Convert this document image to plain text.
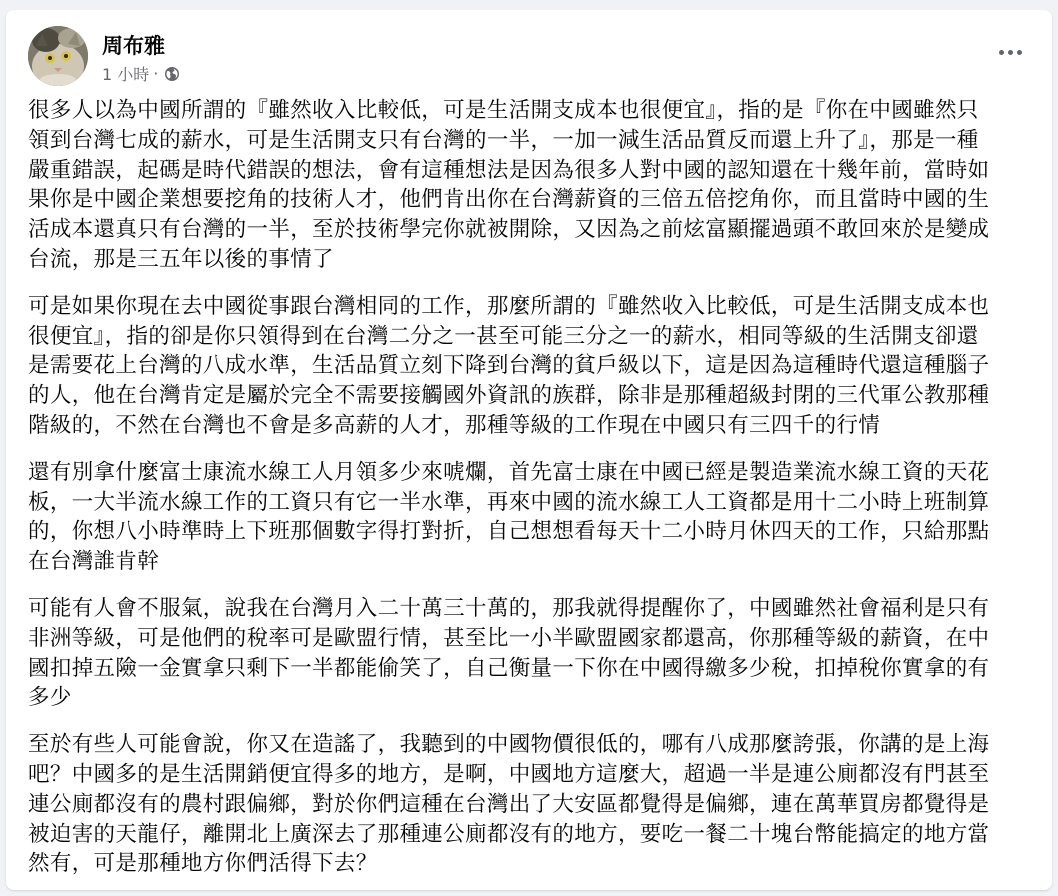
周布雅
1 小時 ·

很多人以為中國所謂的『雖然收入比較低，可是生活開支成本也很便宜』，指的是『你在中國雖然只
領到台灣七成的薪水，可是生活開支只有台灣的一半，一加一減生活品質反而還上升了』，那是一種
嚴重錯誤，起碼是時代錯誤的想法，會有這種想法是因為很多人對中國的認知還在十幾年前，當時如
果你是中國企業想要挖角的技術人才，他們肯出你在台灣薪資的三倍五倍挖角你，而且當時中國的生
活成本還真只有台灣的一半，至於技術學完你就被開除，又因為之前炫富顯擺過頭不敢回來於是變成
台流，那是三五年以後的事情了

可是如果你現在去中國從事跟台灣相同的工作，那麼所謂的『雖然收入比較低，可是生活開支成本也
很便宜』，指的卻是你只領得到在台灣二分之一甚至可能三分之一的薪水，相同等級的生活開支卻還
是需要花上台灣的八成水準，生活品質立刻下降到台灣的貧戶級以下，這是因為這種時代還這種腦子
的人，他在台灣肯定是屬於完全不需要接觸國外資訊的族群，除非是那種超級封閉的三代軍公教那種
階級的，不然在台灣也不會是多高薪的人才，那種等級的工作現在中國只有三四千的行情

還有別拿什麼富士康流水線工人月領多少來唬爛，首先富士康在中國已經是製造業流水線工資的天花
板，一大半流水線工作的工資只有它一半水準，再來中國的流水線工人工資都是用十二小時上班制算
的，你想八小時準時上下班那個數字得打對折，自己想想看每天十二小時月休四天的工作，只給那點
在台灣誰肯幹

可能有人會不服氣，說我在台灣月入二十萬三十萬的，那我就得提醒你了，中國雖然社會福利是只有
非洲等級，可是他們的稅率可是歐盟行情，甚至比一小半歐盟國家都還高，你那種等級的薪資，在中
國扣掉五險一金實拿只剩下一半都能偷笑了，自己衡量一下你在中國得繳多少稅，扣掉稅你實拿的有
多少

至於有些人可能會說，你又在造謠了，我聽到的中國物價很低的，哪有八成那麼誇張，你講的是上海
吧？中國多的是生活開銷便宜得多的地方，是啊，中國地方這麼大，超過一半是連公廁都沒有門甚至
連公廁都沒有的農村跟偏鄉，對於你們這種在台灣出了大安區都覺得是偏鄉，連在萬華買房都覺得是
被迫害的天龍仔，離開北上廣深去了那種連公廁都沒有的地方，要吃一餐二十塊台幣能搞定的地方當
然有，可是那種地方你們活得下去？
